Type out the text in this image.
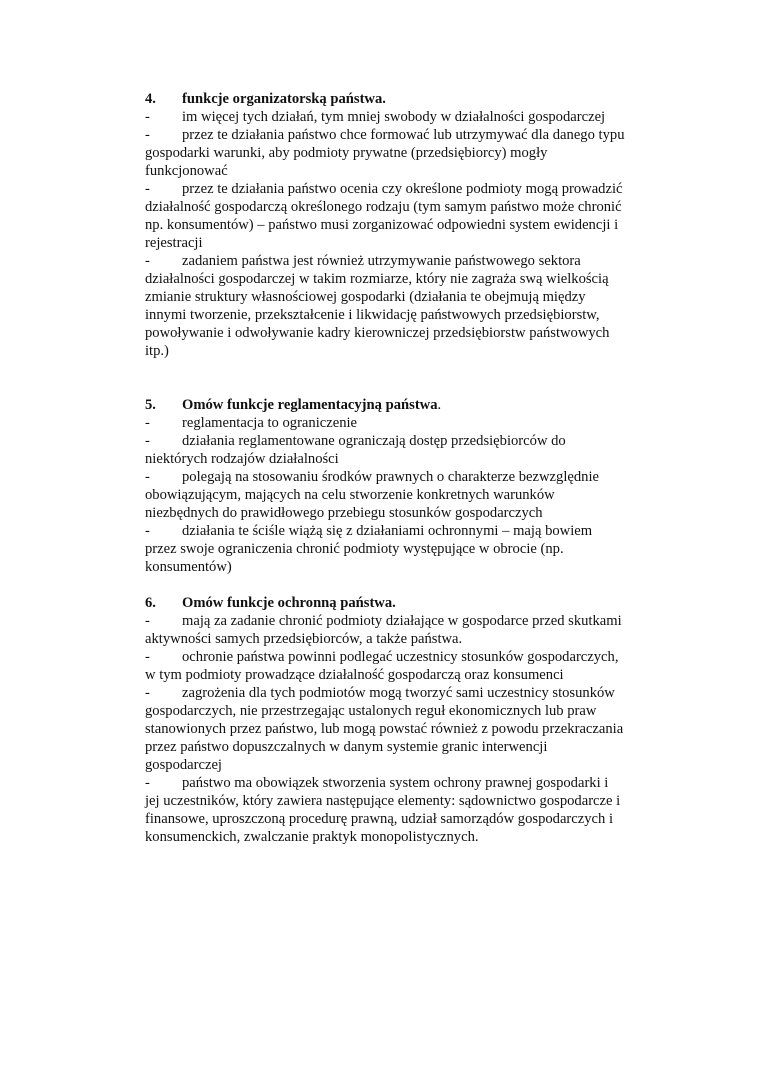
4. funkcje organizatorską państwa.

- im więcej tych działań, tym mniej swobody w działalności gospodarczej

- przez te działania państwo chce formować lub utrzymywać dla danego typu gospodarki warunki, aby podmioty prywatne (przedsiębiorcy) mogły funkcjonować

- przez te działania państwo ocenia czy określone podmioty mogą prowadzić działalność gospodarczą określonego rodzaju (tym samym państwo może chronić np. konsumentów) – państwo musi zorganizować odpowiedni system ewidencji i rejestracji

- zadaniem państwa jest również utrzymywanie państwowego sektora działalności gospodarczej w takim rozmiarze, który nie zagraża swą wielkością zmianie struktury własnościowej gospodarki (działania te obejmują między innymi tworzenie, przekształcenie i likwidację państwowych przedsiębiorstw, powoływanie i odwoływanie kadry kierowniczej przedsiębiorstw państwowych itp.)

5. Omów funkcje reglamentacyjną państwa.

- reglamentacja to ograniczenie

- działania reglamentowane ograniczają dostęp przedsiębiorców do niektórych rodzajów działalności

- polegają na stosowaniu środków prawnych o charakterze bezwzględnie obowiązującym, mających na celu stworzenie konkretnych warunków niezbędnych do prawidłowego przebiegu stosunków gospodarczych

- działania te ściśle wiążą się z działaniami ochronnymi – mają bowiem przez swoje ograniczenia chronić podmioty występujące w obrocie (np. konsumentów)

6. Omów funkcje ochronną państwa.

- mają za zadanie chronić podmioty działające w gospodarce przed skutkami aktywności samych przedsiębiorców, a także państwa.

- ochronie państwa powinni podlegać uczestnicy stosunków gospodarczych, w tym podmioty prowadzące działalność gospodarczą oraz konsumenci

- zagrożenia dla tych podmiotów mogą tworzyć sami uczestnicy stosunków gospodarczych, nie przestrzegając ustalonych reguł ekonomicznych lub praw stanowionych przez państwo, lub mogą powstać również z powodu przekraczania przez państwo dopuszczalnych w danym systemie granic interwencji gospodarczej

- państwo ma obowiązek stworzenia system ochrony prawnej gospodarki i jej uczestników, który zawiera następujące elementy: sądownictwo gospodarcze i finansowe, uproszczoną procedurę prawną, udział samorządów gospodarczych i konsumenckich, zwalczanie praktyk monopolistycznych.
